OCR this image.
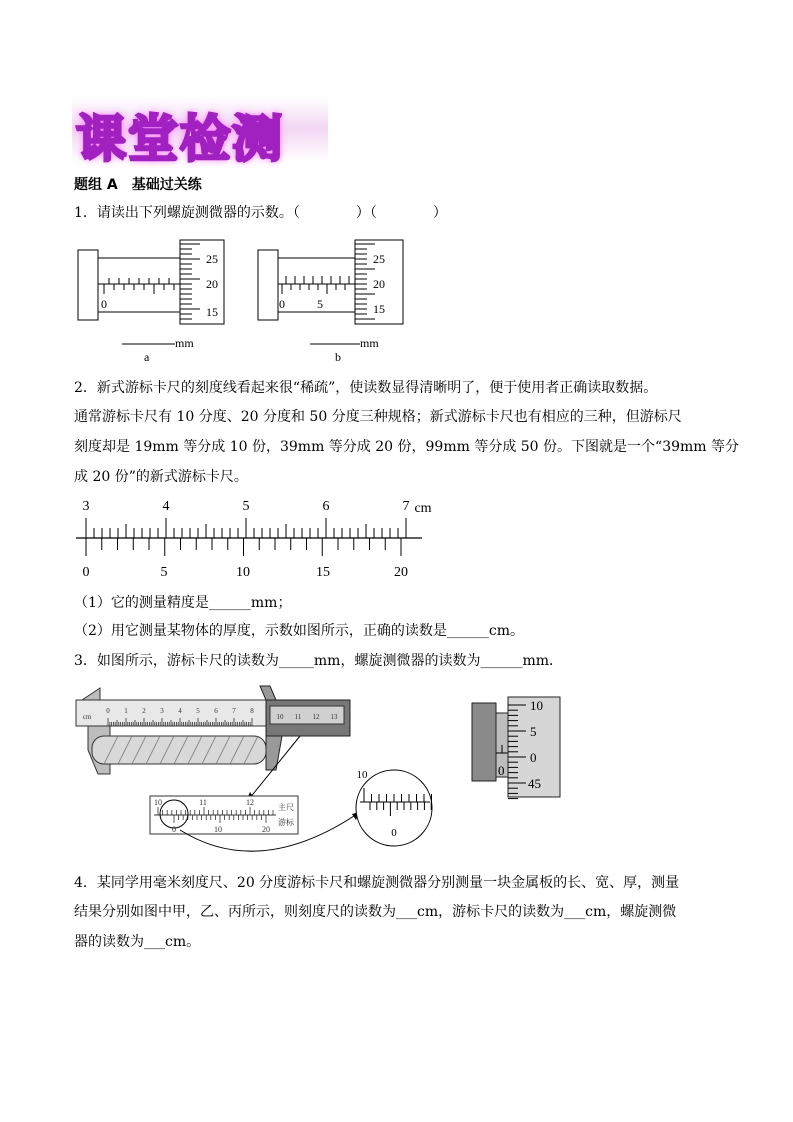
课堂检测
题组 A　基础过关练
1．请读出下列螺旋测微器的示数。（　　　　）（　　　　）
25
20
15
0
mm
a
25
20
15
0	5
mm
b
2．新式游标卡尺的刻度线看起来很“稀疏”，使读数显得清晰明了，便于使用者正确读取数据。
通常游标卡尺有 10 分度、20 分度和 50 分度三种规格；新式游标卡尺也有相应的三种，但游标尺
刻度却是 19mm 等分成 10 份，39mm 等分成 20 份，99mm 等分成 50 份。下图就是一个“39mm 等分
成 20 份”的新式游标卡尺。
3	4	5	6	7 cm
0	5	10	15	20
（1）它的测量精度是______mm；
（2）用它测量某物体的厚度，示数如图所示，正确的读数是______cm。
3．如图所示，游标卡尺的读数为_____mm，螺旋测微器的读数为______mm．
cm
0 1 2 3 4 5 6 7 8
10 11 12 13
10	11	12
0	10	20
主尺
游标
10
0
10
5
0
45
0
4．某同学用毫米刻度尺、20 分度游标卡尺和螺旋测微器分别测量一块金属板的长、宽、厚，测量
结果分别如图中甲，乙、丙所示，则刻度尺的读数为___cm，游标卡尺的读数为___cm，螺旋测微
器的读数为___cm。
